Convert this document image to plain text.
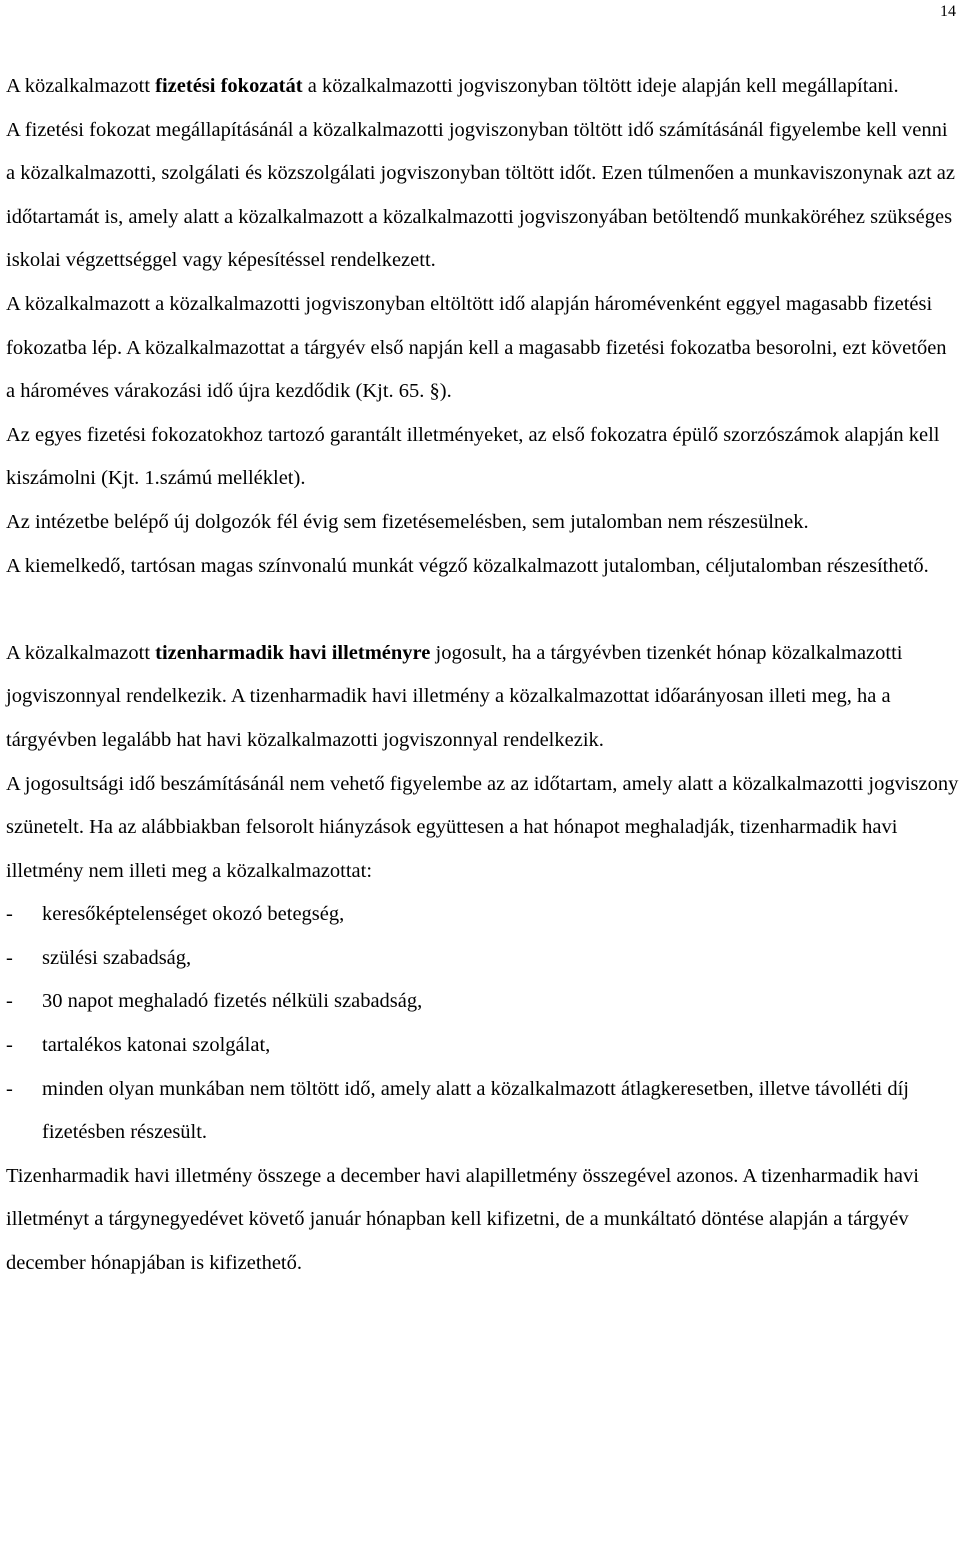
14

A közalkalmazott fizetési fokozatát a közalkalmazotti jogviszonyban töltött ideje alapján kell megállapítani.

A fizetési fokozat megállapításánál a közalkalmazotti jogviszonyban töltött idő számításánál figyelembe kell venni a közalkalmazotti, szolgálati és közszolgálati jogviszonyban töltött időt. Ezen túlmenően a munkaviszonynak azt az időtartamát is, amely alatt a közalkalmazott a közalkalmazotti jogviszonyában betöltendő munkaköréhez szükséges iskolai végzettséggel vagy képesítéssel rendelkezett.

A közalkalmazott a közalkalmazotti jogviszonyban eltöltött idő alapján háromévenként eggyel magasabb fizetési fokozatba lép. A közalkalmazottat a tárgyév első napján kell a magasabb fizetési fokozatba besorolni, ezt követően a hároméves várakozási idő újra kezdődik (Kjt. 65. §).

Az egyes fizetési fokozatokhoz tartozó garantált illetményeket, az első fokozatra épülő szorzószámok alapján kell kiszámolni (Kjt. 1.számú melléklet).

Az intézetbe belépő új dolgozók fél évig sem fizetésemelésben, sem jutalomban nem részesülnek.

A kiemelkedő, tartósan magas színvonalú munkát végző közalkalmazott jutalomban, céljutalomban részesíthető.

A közalkalmazott tizenharmadik havi illetményre jogosult, ha a tárgyévben tizenkét hónap közalkalmazotti jogviszonnyal rendelkezik. A tizenharmadik havi illetmény a közalkalmazottat időarányosan illeti meg, ha a tárgyévben legalább hat havi közalkalmazotti jogviszonnyal rendelkezik.

A jogosultsági idő beszámításánál nem vehető figyelembe az az időtartam, amely alatt a közalkalmazotti jogviszony szünetelt. Ha az alábbiakban felsorolt hiányzások együttesen a hat hónapot meghaladják, tizenharmadik havi illetmény nem illeti meg a közalkalmazottat:

-	keresőképtelenséget okozó betegség,
-	szülési szabadság,
-	30 napot meghaladó fizetés nélküli szabadság,
-	tartalékos katonai szolgálat,
-	minden olyan munkában nem töltött idő, amely alatt a közalkalmazott átlagkeresetben, illetve távolléti díj fizetésben részesült.

Tizenharmadik havi illetmény összege a december havi alapilletmény összegével azonos. A tizenharmadik havi illetményt a tárgynegyedévet követő január hónapban kell kifizetni, de a munkáltató döntése alapján a tárgyév december hónapjában is kifizethető.
